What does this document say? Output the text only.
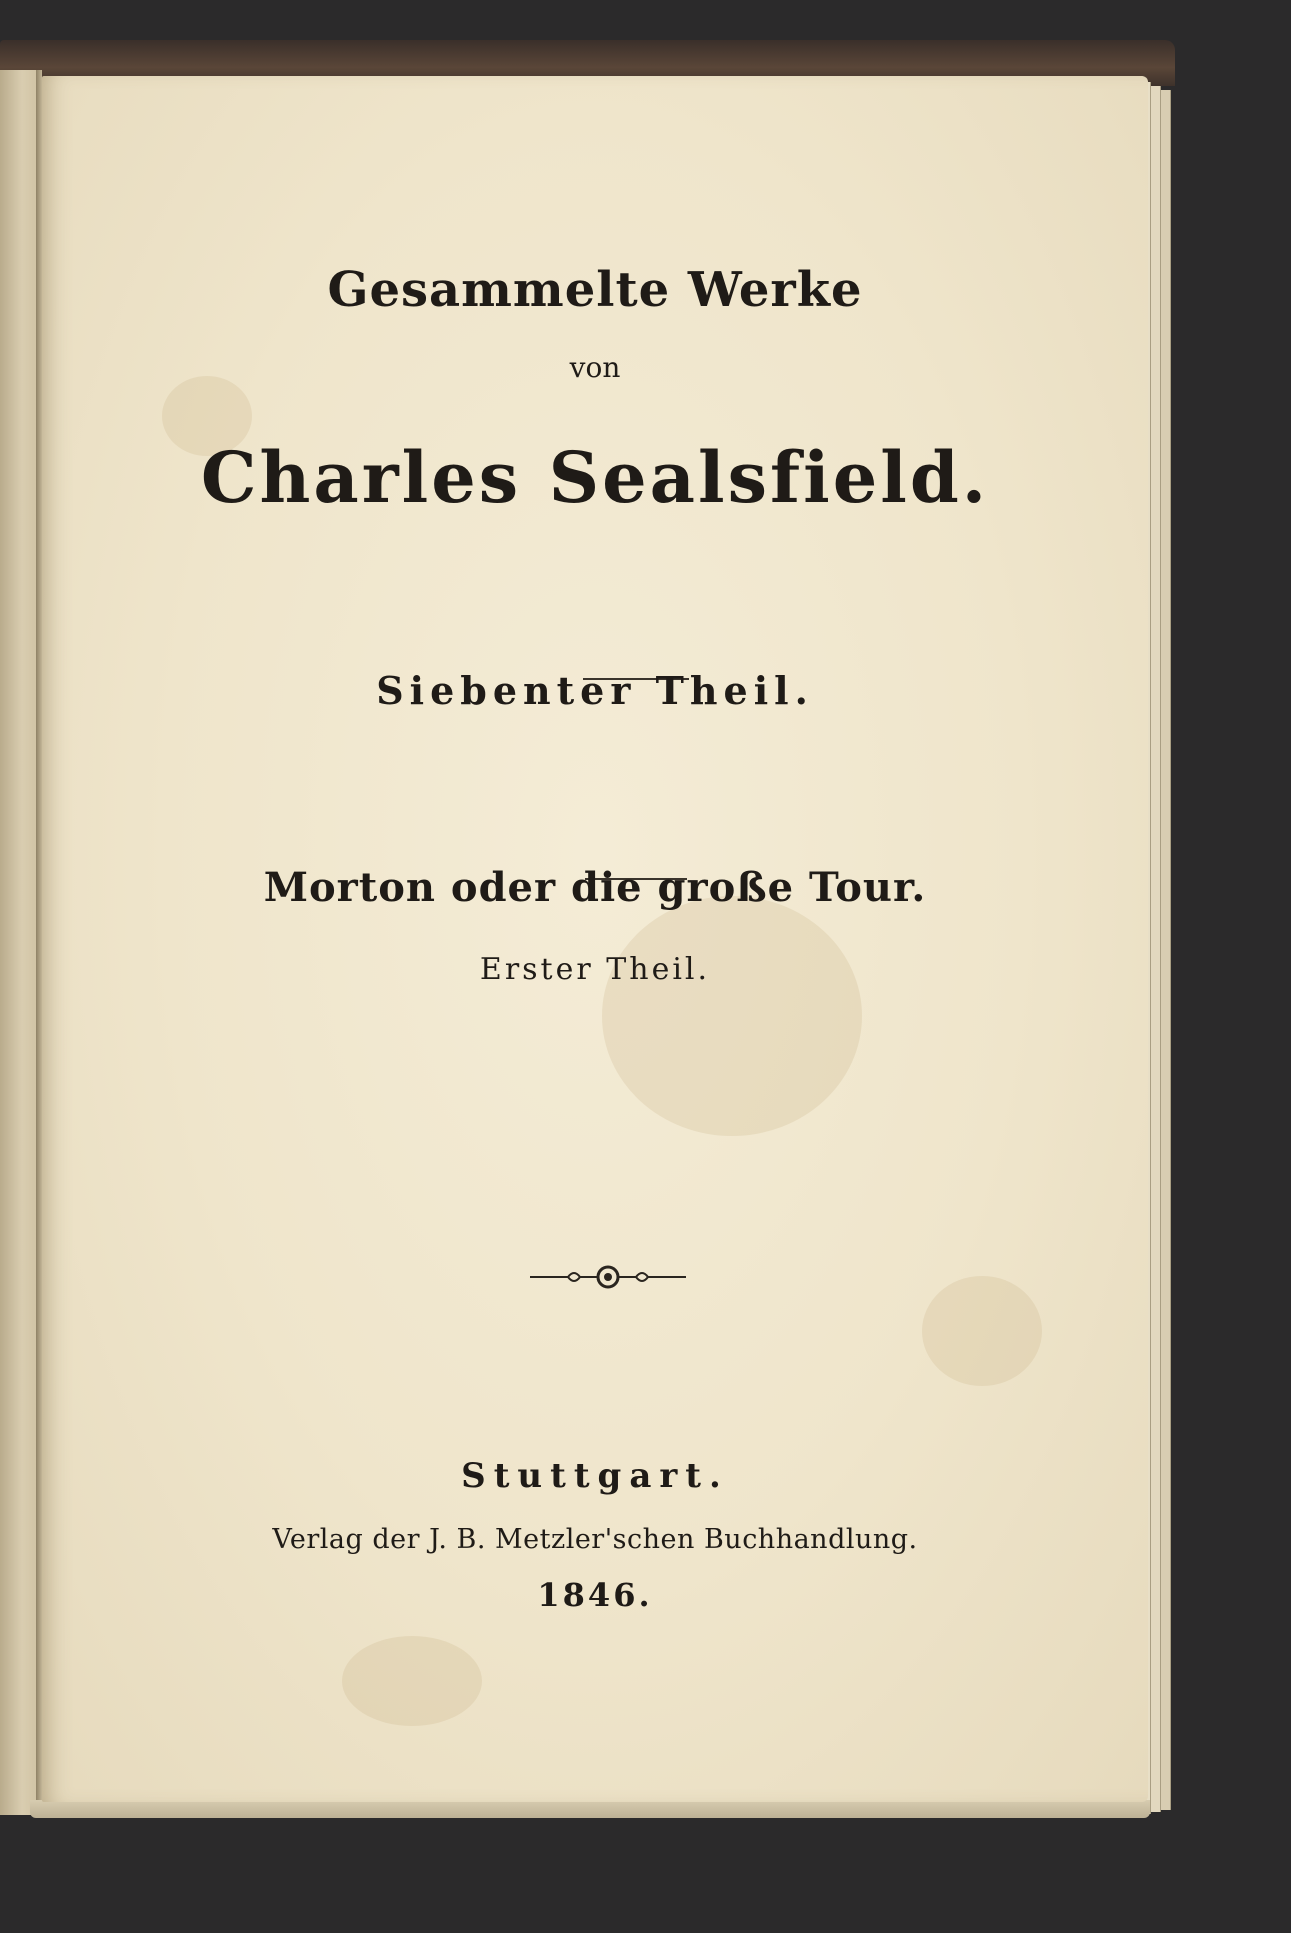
Gesammelte Werke
von
Charles Sealsfield.
Siebenter Theil.
Morton oder die große Tour.
Erster Theil.
Stuttgart.
Verlag der J. B. Metzler'schen Buchhandlung.
1846.
